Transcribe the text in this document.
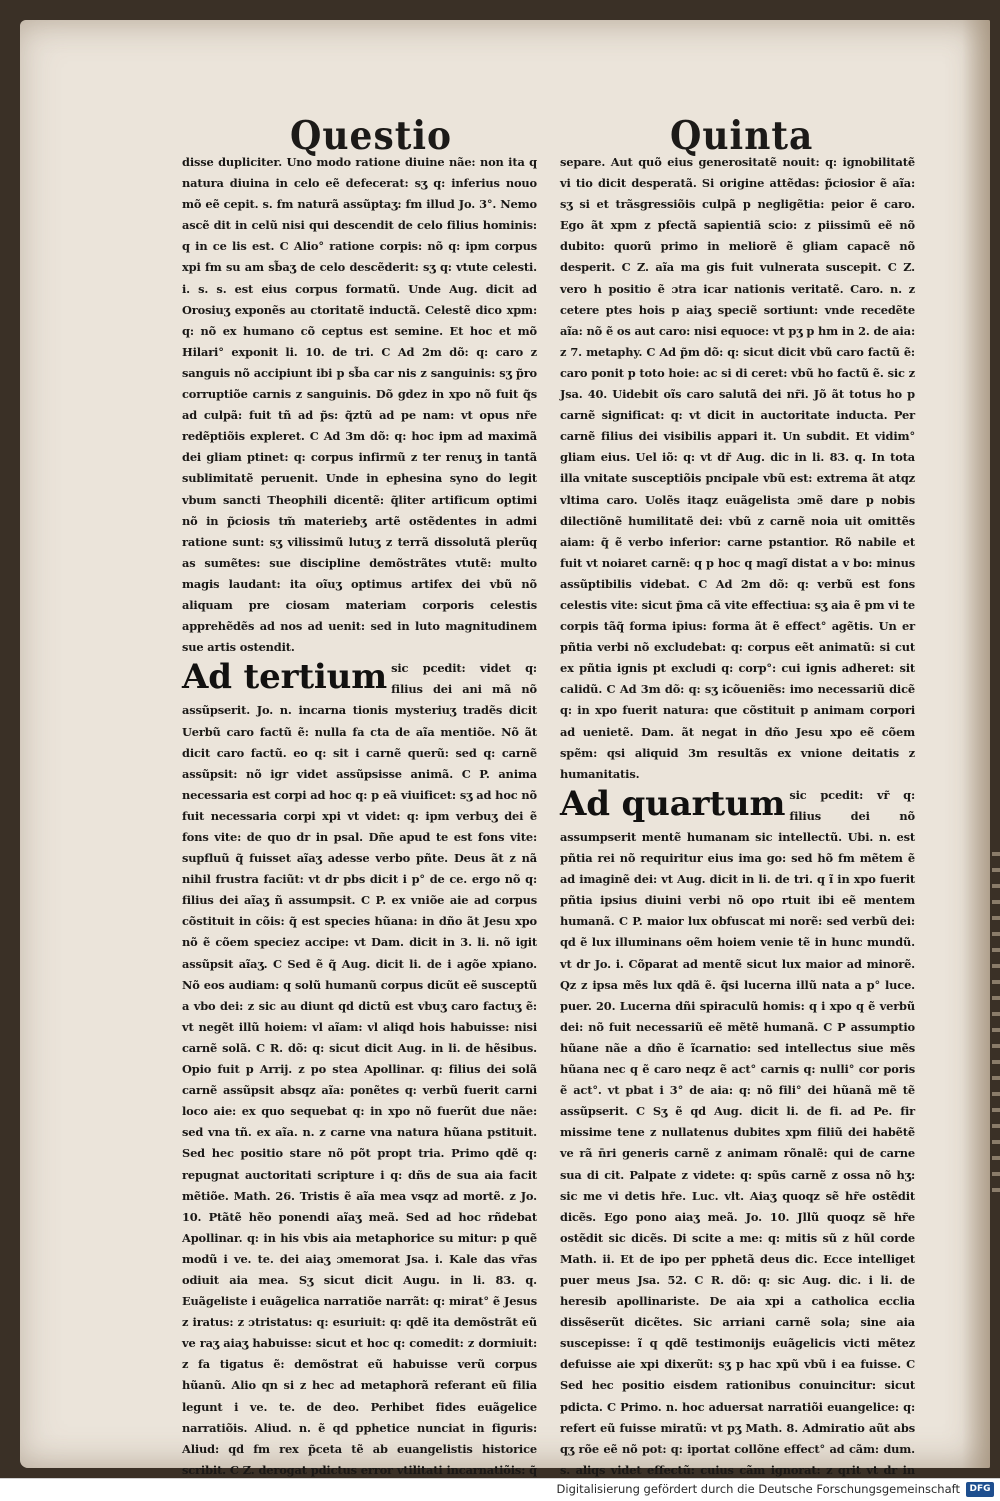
Questio	Quinta

disse dupliciter. Uno modo ratione diuine nãe: non ita q natura diuina in celo eẽ defecerat: sʒ q: inferius nouo mõ eẽ cepit. s. fm naturã assũptaʒ: fm illud Jo. 3°. Nemo ascẽ dit in celũ nisi qui descendit de celo filius hominis: q in ce lis est. C Alio° ratione corpis: nõ q: ipm corpus xpi fm su am sb̃aʒ de celo descẽderit: sʒ q: vtute celesti. i. s. s. est eius corpus formatũ. Unde Aug. dicit ad Orosiuʒ exponẽs au ctoritatẽ inductã. Celestẽ dico xpm: q: nõ ex humano cõ ceptus est semine. Et hoc et mõ Hilari° exponit li. 10. de tri. C Ad 2m dõ: q: caro z sanguis nõ accipiunt ibi p sb̃a car nis z sanguinis: sʒ p̃ro corruptiõe carnis z sanguinis. Dõ gdez in xpo nõ fuit q̃s ad culpã: fuit tñ ad p̃s: q̃ztũ ad pe nam: vt opus nr̃e redẽptiõis expleret. C Ad 3m dõ: q: hoc ipm ad maximã dei gliam ptinet: q: corpus infirmũ z ter renuʒ in tantã sublimitatẽ peruenit. Unde in ephesina syno do legit vbum sancti Theophili dicentẽ: q̃liter artificum optimi nõ in p̃ciosis tm̃ materiebʒ artẽ ostẽdentes in admi ratione sunt: sʒ vilissimũ lutuʒ z terrã dissolutã plerũq as sumẽtes: sue discipline demõstrãtes vtutẽ: multo magis laudant: ita oĩuʒ optimus artifex dei vbũ nõ aliquam pre ciosam materiam corporis celestis apprehẽdẽs ad nos ad uenit: sed in luto magnitudinem sue artis ostendit.

Ad tertium sic pcedit: videt q: filius dei ani mã nõ assũpserit. Jo. n. incarna tionis mysteriuʒ tradẽs dicit Uerbũ caro factũ ẽ: nulla fa cta de aĩa mentiõe. Nõ ãt dicit caro factũ. eo q: sit i carnẽ querũ: sed q: carnẽ assũpsit: nõ igr videt assũpsisse animã. C P. anima necessaria est corpi ad hoc q: p eã viuificet: sʒ ad hoc nõ fuit necessaria corpi xpi vt videt: q: ipm verbuʒ dei ẽ fons vite: de quo dr in psal. Dñe apud te est fons vite: supfluũ q̃ fuisset aĩaʒ adesse verbo pñte. Deus ãt z nã nihil frustra faciũt: vt dr pbs dicit i p° de ce. ergo nõ q: filius dei aĩaʒ ñ assumpsit. C P. ex vniõe aie ad corpus cõstituit in cõis: q̃ est species hũana: in dño ãt Jesu xpo nõ ẽ cõem speciez accipe: vt Dam. dicit in 3. li. nõ igit assũpsit aĩaʒ. C Sed ẽ q̃ Aug. dicit li. de i agõe xpiano. Nõ eos audiam: q solũ humanũ corpus dicũt eẽ susceptũ a vbo dei: z sic au diunt qd dictũ est vbuʒ caro factuʒ ẽ: vt negẽt illũ hoiem: vl aĩam: vl aliqd hois habuisse: nisi carnẽ solã. C R. dõ: q: sicut dicit Aug. in li. de hẽsibus. Opio fuit p Arrij. z po stea Apollinar. q: filius dei solã carnẽ assũpsit absqz aĩa: ponẽtes q: verbũ fuerit carni loco aie: ex quo sequebat q: in xpo nõ fuerũt due nãe: sed vna tñ. ex aĩa. n. z carne vna natura hũana pstituit. Sed hec positio stare nõ põt propt tria. Primo qdẽ q: repugnat auctoritati scripture i q: dñs de sua aia facit mẽtiõe. Math. 26. Tristis ẽ aĩa mea vsqz ad mortẽ. z Jo. 10. Ptãtẽ hẽo ponendi aĩaʒ meã. Sed ad hoc rñdebat Apollinar. q: in his vbis aia metaphorice su mitur: p quẽ modũ i ve. te. dei aiaʒ ɔmemorat Jsa. i. Kale das vr̃as odiuit aia mea. Sʒ sicut dicit Augu. in li. 83. q. Euãgeliste i euãgelica narratiõe narrãt: q: mirat° ẽ Jesus z iratus: z ɔtristatus: q: esuriuit: q: qdẽ ita demõstrãt eũ ve raʒ aiaʒ habuisse: sicut et hoc q: comedit: z dormiuit: z fa tigatus ẽ: demõstrat eũ habuisse verũ corpus hũanũ. Alio qn si z hec ad metaphorã referant eũ filia legunt i ve. te. de deo. Perhibet fides euãgelice narratiõis. Aliud. n. ẽ qd pphetice nunciat in figuris: Aliud: qd fm rex p̃ceta tẽ ab euangelistis historice scribit. C Z. derogat pdictus error vtilitati incarnatiõis: q̃

separe. Aut quõ eius generositatẽ nouit: q: ignobilitatẽ vi tio dicit desperatã. Si origine attẽdas: p̃ciosior ẽ aĩa: sʒ si et trãsgressiõis culpã p negligẽtia: peior ẽ caro. Ego ãt xpm z pfectã sapientiã scio: z piissimũ eẽ nõ dubito: quorũ primo in meliorẽ ẽ gliam capacẽ nõ desperit. C Z. aĩa ma gis fuit vulnerata suscepit. C Z. vero h positio ẽ ɔtra icar nationis veritatẽ. Caro. n. z cetere ptes hois p aiaʒ speciẽ sortiunt: vnde recedẽte aĩa: nõ ẽ os aut caro: nisi equoce: vt pʒ p hm in 2. de aia: z 7. metaphy. C Ad p̃m dõ: q: sicut dicit vbũ caro factũ ẽ: caro ponit p toto hoie: ac si di ceret: vbũ ho factũ ẽ. sic z Jsa. 40. Uidebit oĩs caro salutã dei nr̃i. Jõ ãt totus ho p carnẽ significat: q: vt dicit in auctoritate inducta. Per carnẽ filius dei visibilis appari it. Un subdit. Et vidim° gliam eius. Uel iõ: q: vt dr̃ Aug. dic in li. 83. q. In tota illa vnitate susceptiõis pncipale vbũ est: extrema ãt atqz vltima caro. Uolẽs itaqz euãgelista ɔmẽ dare p nobis dilectiõnẽ humilitatẽ dei: vbũ z carnẽ noia uit omittẽs aiam: q̃ ẽ verbo inferior: carne pstantior. Rõ nabile et fuit vt noiaret carnẽ: q p hoc q magĩ distat a v bo: minus assũptibilis videbat. C Ad 2m dõ: q: verbũ est fons celestis vite: sicut p̃ma cã vite effectiua: sʒ aia ẽ pm vi te corpis tãq̃ forma ipius: forma ãt ẽ effect° agẽtis. Un er pñtia verbi nõ excludebat: q: corpus eẽt animatũ: si cut ex pñtia ignis pt excludi q: corp°: cui ignis adheret: sit calidũ. C Ad 3m dõ: q: sʒ icõueniẽs: imo necessariũ dicẽ q: in xpo fuerit natura: que cõstituit p animam corpori ad uenietẽ. Dam. ãt negat in dño Jesu xpo eẽ cõem spẽm: qsi aliquid 3m resultãs ex vnione deitatis z humanitatis.

Ad quartum sic pcedit: vr̃ q: filius dei nõ assumpserit mentẽ humanam sic intellectũ. Ubi. n. est pñtia rei nõ requiritur eius ima go: sed hõ fm mẽtem ẽ ad imaginẽ dei: vt Aug. dicit in li. de tri. q ĩ in xpo fuerit pñtia ipsius diuini verbi nõ opo rtuit ibi eẽ mentem humanã. C P. maior lux obfuscat mi norẽ: sed verbũ dei: qd ẽ lux illuminans oẽm hoiem venie tẽ in hunc mundũ. vt dr Jo. i. Cõparat ad mentẽ sicut lux maior ad minorẽ. Qz z ipsa mẽs lux qdã ẽ. q̃si lucerna illũ nata a p° luce. puer. 20. Lucerna dñi spiraculũ homis: q i xpo q ẽ verbũ dei: nõ fuit necessariũ eẽ mẽtẽ humanã. C P assumptio hũane nãe a dño ẽ ĩcarnatio: sed intellectus siue mẽs hũana nec q ẽ caro neqz ẽ act° carnis q: nulli° cor poris ẽ act°. vt pbat i 3° de aia: q: nõ fili° dei hũanã mẽ tẽ assũpserit. C Sʒ ẽ qd Aug. dicit li. de fi. ad Pe. fir missime tene z nullatenus dubites xpm filiũ dei habẽtẽ ve rã n̄ri generis carnẽ z animam rõnalẽ: qui de carne sua di cit. Palpate z videte: q: spũs carnẽ z ossa nõ hʒ: sic me vi detis hr̃e. Luc. vlt. Aiaʒ quoqz sẽ hr̃e ostẽdit dicẽs. Ego pono aiaʒ meã. Jo. 10. Jllũ quoqz sẽ hr̃e ostẽdit sic dicẽs. Di scite a me: q: mitis sũ z hũl corde Math. ii. Et de ipo per pphetã deus dic. Ecce intelliget puer meus Jsa. 52. C R. dõ: q: sic Aug. dic. i li. de heresib apollinariste. De aia xpi a catholica ecclia dissẽserũt dicẽtes. Sic arriani carnẽ sola; sine aia suscepisse: ĩ q qdẽ testimonijs euãgelicis victi mẽtez defuisse aie xpi dixerũt: sʒ p hac xpũ vbũ i ea fuisse. C Sed hec positio eisdem rationibus conuincitur: sicut pdicta. C Primo. n. hoc aduersat narratiõi euangelice: q: refert eũ fuisse miratũ: vt pʒ Math. 8. Admiratio aũt abs qʒ rõe eẽ nõ pot: q: iportat collõne effect° ad cãm: dum. s. aliqs videt effectũ: cuius cãm ignorat: z qrit vt dr in

Digitalisierung gefördert durch die Deutsche Forschungsgemeinschaft	DFG
